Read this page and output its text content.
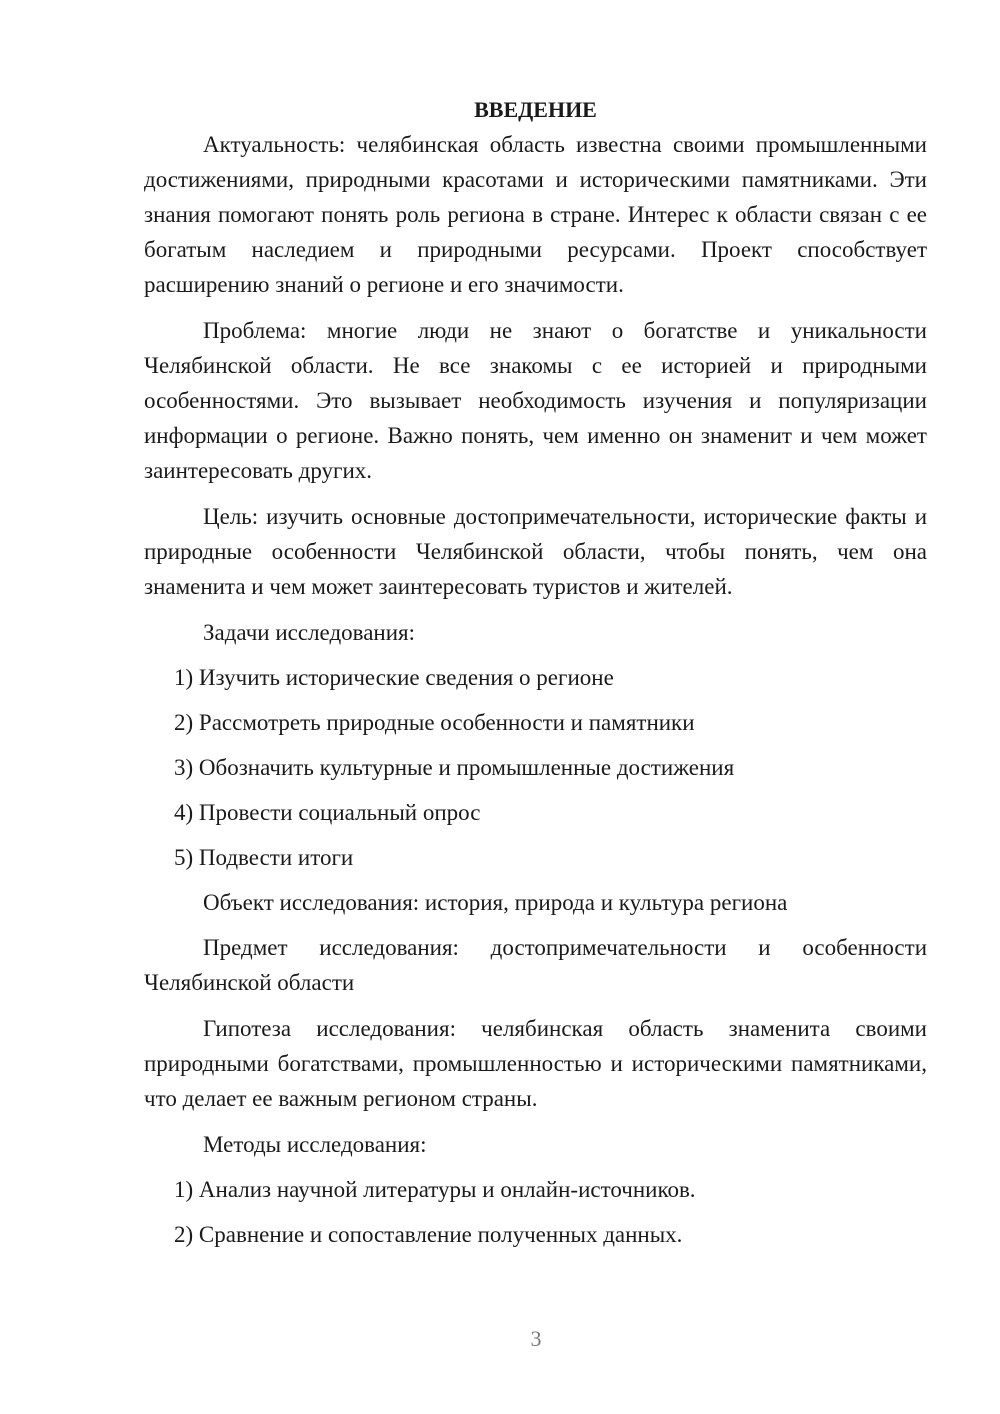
ВВЕДЕНИЕ

Актуальность: челябинская область известна своими промышленными достижениями, природными красотами и историческими памятниками. Эти знания помогают понять роль региона в стране. Интерес к области связан с ее богатым наследием и природными ресурсами. Проект способствует расширению знаний о регионе и его значимости.

Проблема: многие люди не знают о богатстве и уникальности Челябинской области. Не все знакомы с ее историей и природными особенностями. Это вызывает необходимость изучения и популяризации информации о регионе. Важно понять, чем именно он знаменит и чем может заинтересовать других.

Цель: изучить основные достопримечательности, исторические факты и природные особенности Челябинской области, чтобы понять, чем она знаменита и чем может заинтересовать туристов и жителей.

Задачи исследования:

1) Изучить исторические сведения о регионе

2) Рассмотреть природные особенности и памятники

3) Обозначить культурные и промышленные достижения

4) Провести социальный опрос

5) Подвести итоги

Объект исследования: история, природа и культура региона

Предмет исследования: достопримечательности и особенности Челябинской области

Гипотеза исследования: челябинская область знаменита своими природными богатствами, промышленностью и историческими памятниками, что делает ее важным регионом страны.

Методы исследования:

1) Анализ научной литературы и онлайн-источников.

2) Сравнение и сопоставление полученных данных.

3
